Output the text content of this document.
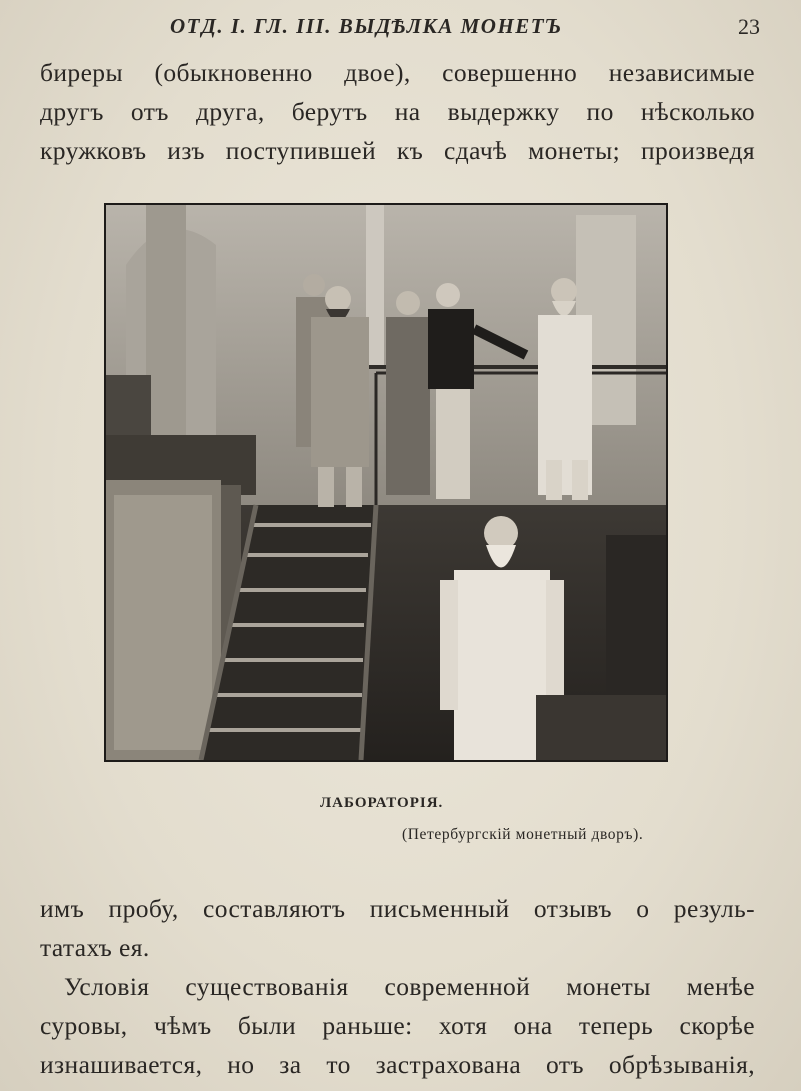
ОТД. I. ГЛ. III. ВЫДѢЛКА МОНЕТЪ	23
биреры (обыкновенно двое), совершенно независимые
другъ отъ друга, берутъ на выдержку по нѣсколько
кружковъ изъ поступившей къ сдачѣ монеты; произведя
ЛАБОРАТОРІЯ.
(Петербургскій монетный дворъ).
имъ пробу, составляютъ письменный отзывъ о резуль-
татахъ ея.
Условія существованія современной монеты менѣе
суровы, чѣмъ были раньше: хотя она теперь скорѣе
изнашивается, но за то застрахована отъ обрѣзыванія,
